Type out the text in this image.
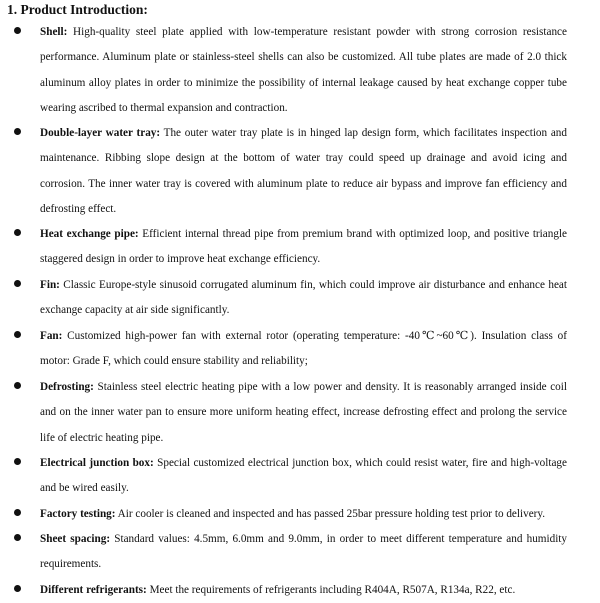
1. Product Introduction:

Shell: High-quality steel plate applied with low-temperature resistant powder with strong corrosion resistance performance. Aluminum plate or stainless-steel shells can also be customized. All tube plates are made of 2.0 thick aluminum alloy plates in order to minimize the possibility of internal leakage caused by heat exchange copper tube wearing ascribed to thermal expansion and contraction.

Double-layer water tray: The outer water tray plate is in hinged lap design form, which facilitates inspection and maintenance. Ribbing slope design at the bottom of water tray could speed up drainage and avoid icing and corrosion. The inner water tray is covered with aluminum plate to reduce air bypass and improve fan efficiency and defrosting effect.

Heat exchange pipe: Efficient internal thread pipe from premium brand with optimized loop, and positive triangle staggered design in order to improve heat exchange efficiency.

Fin: Classic Europe-style sinusoid corrugated aluminum fin, which could improve air disturbance and enhance heat exchange capacity at air side significantly.

Fan: Customized high-power fan with external rotor (operating temperature: -40℃~60℃). Insulation class of motor: Grade F, which could ensure stability and reliability;

Defrosting: Stainless steel electric heating pipe with a low power and density. It is reasonably arranged inside coil and on the inner water pan to ensure more uniform heating effect, increase defrosting effect and prolong the service life of electric heating pipe.

Electrical junction box: Special customized electrical junction box, which could resist water, fire and high-voltage and be wired easily.

Factory testing: Air cooler is cleaned and inspected and has passed 25bar pressure holding test prior to delivery.

Sheet spacing: Standard values: 4.5mm, 6.0mm and 9.0mm, in order to meet different temperature and humidity requirements.

Different refrigerants: Meet the requirements of refrigerants including R404A, R507A, R134a, R22, etc.
